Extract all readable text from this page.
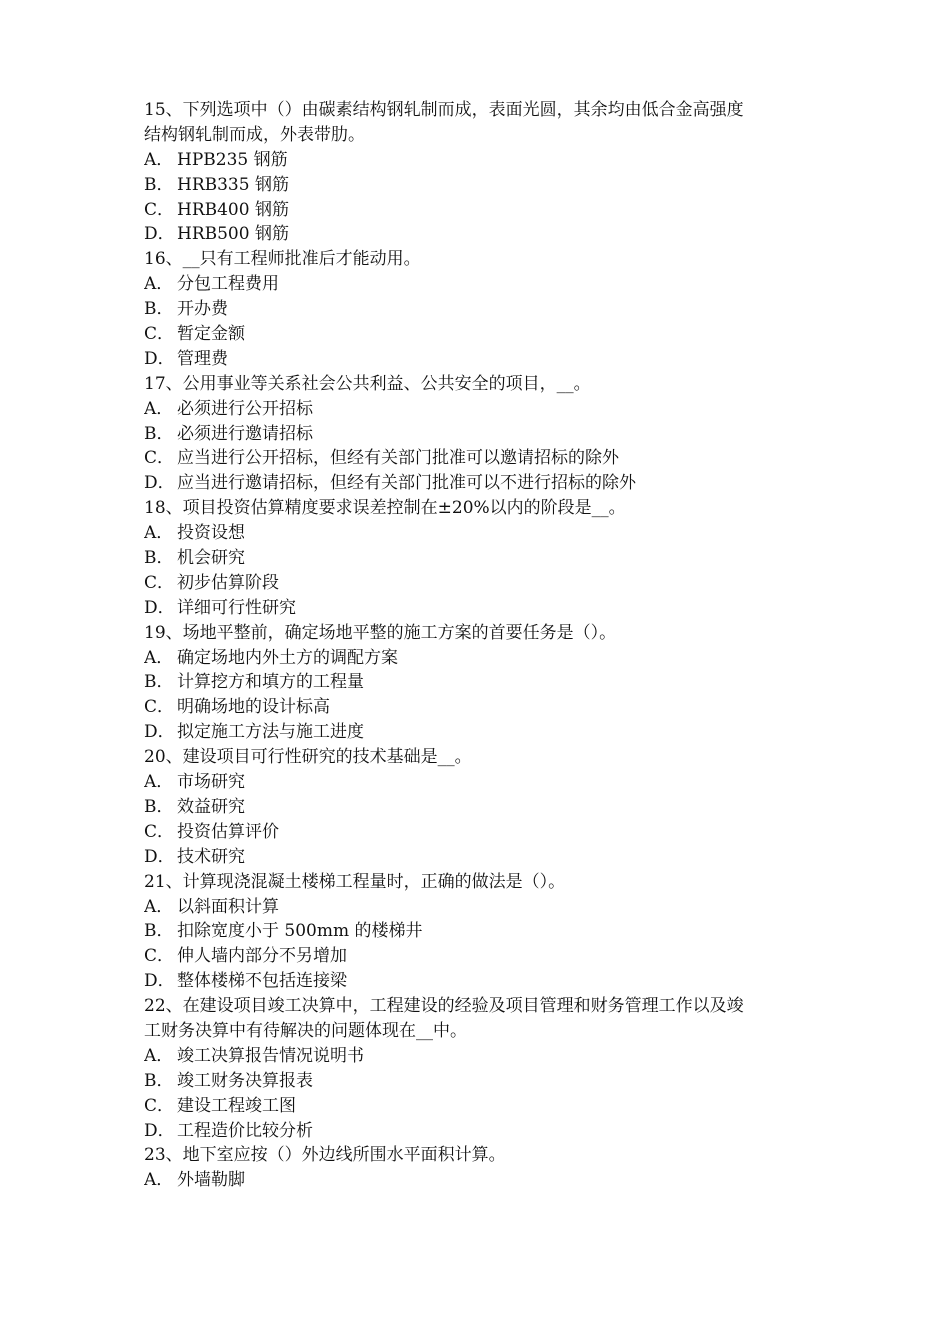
15、下列选项中（）由碳素结构钢轧制而成，表面光圆，其余均由低合金高强度
结构钢轧制而成，外表带肋。
A． HPB235 钢筋
B． HRB335 钢筋
C． HRB400 钢筋
D． HRB500 钢筋
16、__只有工程师批准后才能动用。
A． 分包工程费用
B． 开办费
C． 暂定金额
D． 管理费
17、公用事业等关系社会公共利益、公共安全的项目，__。
A． 必须进行公开招标
B． 必须进行邀请招标
C． 应当进行公开招标，但经有关部门批准可以邀请招标的除外
D． 应当进行邀请招标，但经有关部门批准可以不进行招标的除外
18、项目投资估算精度要求误差控制在±20%以内的阶段是__。
A． 投资设想
B． 机会研究
C． 初步估算阶段
D． 详细可行性研究
19、场地平整前，确定场地平整的施工方案的首要任务是（）。
A． 确定场地内外土方的调配方案
B． 计算挖方和填方的工程量
C． 明确场地的设计标高
D． 拟定施工方法与施工进度
20、建设项目可行性研究的技术基础是__。
A． 市场研究
B． 效益研究
C． 投资估算评价
D． 技术研究
21、计算现浇混凝土楼梯工程量时，正确的做法是（）。
A． 以斜面积计算
B． 扣除宽度小于 500mm 的楼梯井
C． 伸人墙内部分不另增加
D． 整体楼梯不包括连接梁
22、在建设项目竣工决算中，工程建设的经验及项目管理和财务管理工作以及竣
工财务决算中有待解决的问题体现在__中。
A． 竣工决算报告情况说明书
B． 竣工财务决算报表
C． 建设工程竣工图
D． 工程造价比较分析
23、地下室应按（）外边线所围水平面积计算。
A． 外墙勒脚
